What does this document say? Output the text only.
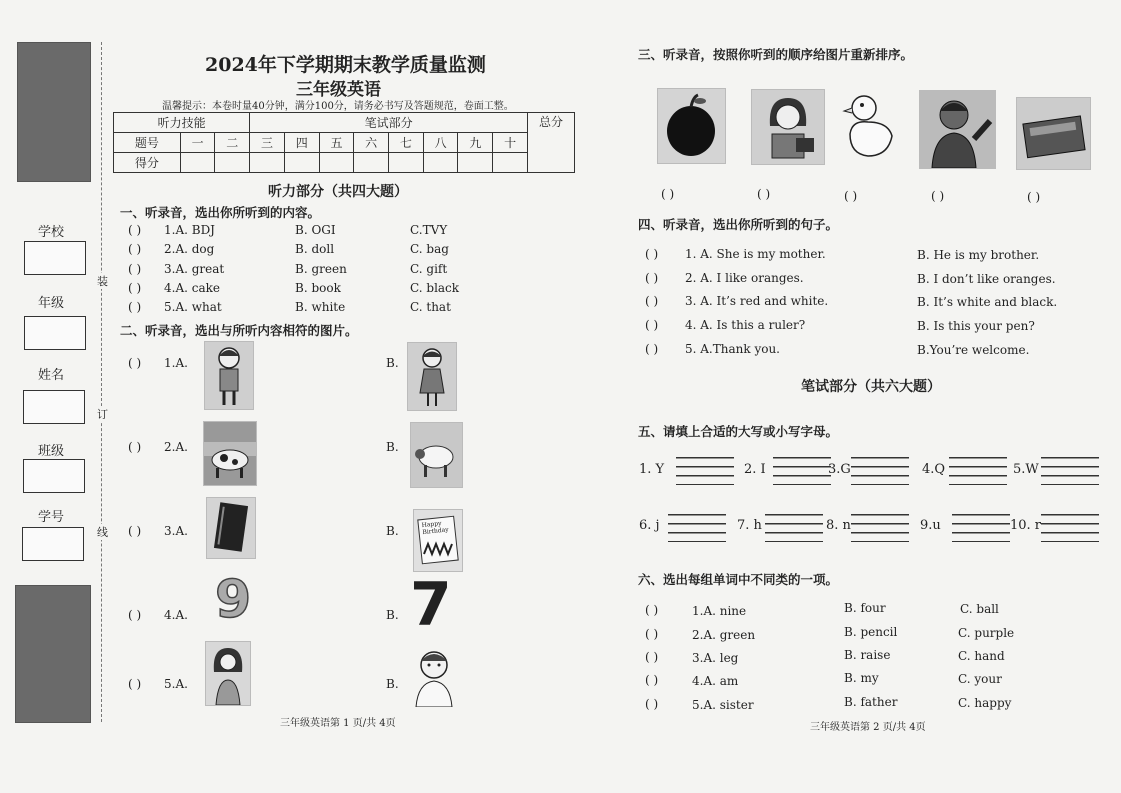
学校
年级
姓名
班级
学号
装
订
线
2024年下学期期末教学质量监测
三年级英语
温馨提示：本卷时量40分钟，满分100分，请务必书写及答题规范，卷面工整。
听力技能			笔试部分								总分
题号	一	二	三	四	五	六	七	八	九	十	
得分											
听力部分（共四大题）
一、听录音，选出你所听到的内容。
( ) 1.A. BDJ	B. OGI	C.TVY
( ) 2.A. dog	B. doll	C. bag
( ) 3.A. great	B. green	C. gift
( ) 4.A. cake	B. book	C. black
( ) 5.A. what	B. white	C. that
二、听录音，选出与所听内容相符的图片。
( ) 1.A.	B.
( ) 2.A.	B.
( ) 3.A.	B.	Happy Birthday
( ) 4.A. 9	B. 7
( ) 5.A.	B.
三年级英语第 1 页/共 4页
三、听录音，按照你听到的顺序给图片重新排序。
( )	( )	( )	( )	( )
四、听录音，选出你所听到的句子。
( ) 1. A. She is my mother.	B. He is my brother.
( ) 2. A. I like oranges.	B. I don’t like oranges.
( ) 3. A. It’s red and white.	B. It’s white and black.
( ) 4. A. Is this a ruler?	B. Is this your pen?
( ) 5. A.Thank you.	B.You’re welcome.
笔试部分（共六大题）
五、请填上合适的大写或小写字母。
1. Y	2. I	3.G	4.Q	5.W
6. j	7. h	8. n	9.u	10. r
六、选出每组单词中不同类的一项。
( )	1.A. nine	B. four	C. ball
( )	2.A. green	B. pencil	C. purple
( )	3.A. leg	B. raise	C. hand
( )	4.A. am	B. my	C. your
( )	5.A. sister	B. father	C. happy
三年级英语第 2 页/共 4页
